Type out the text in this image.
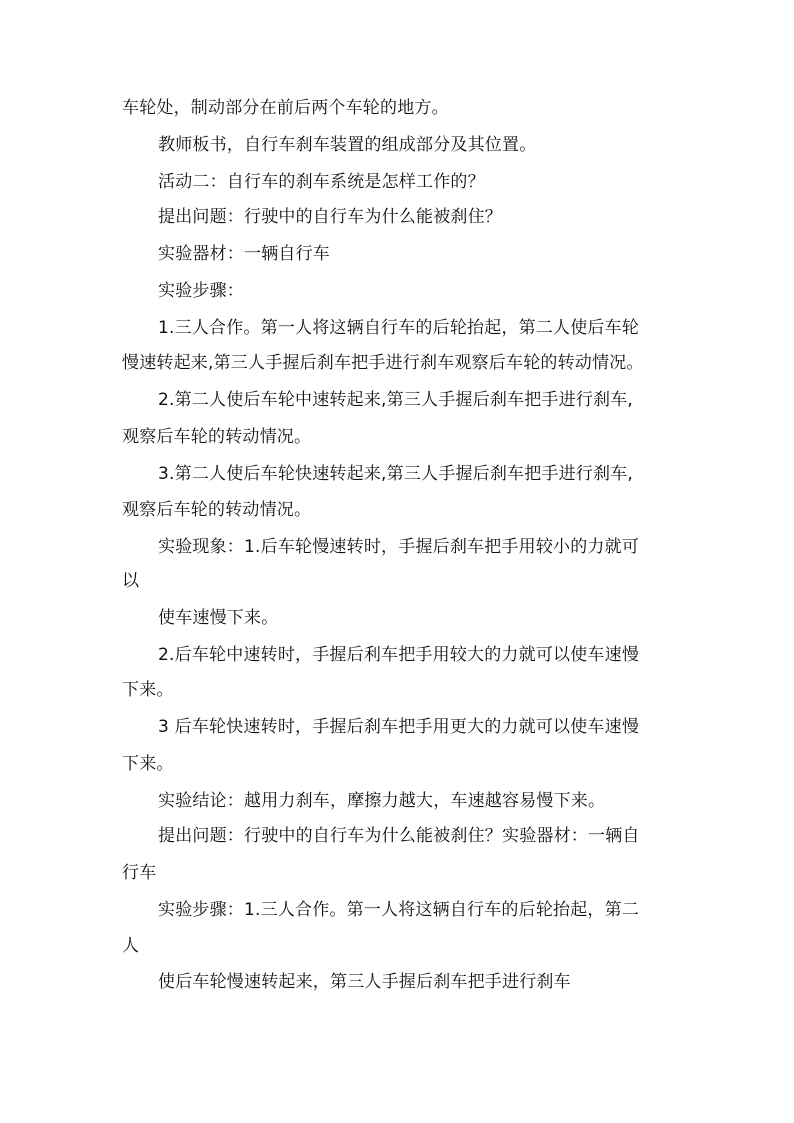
车轮处，制动部分在前后两个车轮的地方。
教师板书，自行车刹车装置的组成部分及其位置。
活动二：自行车的刹车系统是怎样工作的？
提出问题：行驶中的自行车为什么能被刹住？
实验器材：一辆自行车
实验步骤：
1.三人合作。第一人将这辆自行车的后轮抬起，第二人使后车轮
慢速转起来,第三人手握后刹车把手进行刹车观察后车轮的转动情况。
2.第二人使后车轮中速转起来,第三人手握后刹车把手进行刹车,
观察后车轮的转动情况。
3.第二人使后车轮快速转起来,第三人手握后刹车把手进行刹车,
观察后车轮的转动情况。
实验现象：1.后车轮慢速转时，手握后刹车把手用较小的力就可
以
使车速慢下来。
2.后车轮中速转时，手握后利车把手用较大的力就可以使车速慢
下来。
3 后车轮快速转时，手握后刹车把手用更大的力就可以使车速慢
下来。
实验结论：越用力刹车，摩擦力越大，车速越容易慢下来。
提出问题：行驶中的自行车为什么能被刹住？实验器材：一辆自
行车
实验步骤：1.三人合作。第一人将这辆自行车的后轮抬起，第二
人
使后车轮慢速转起来，第三人手握后刹车把手进行刹车
